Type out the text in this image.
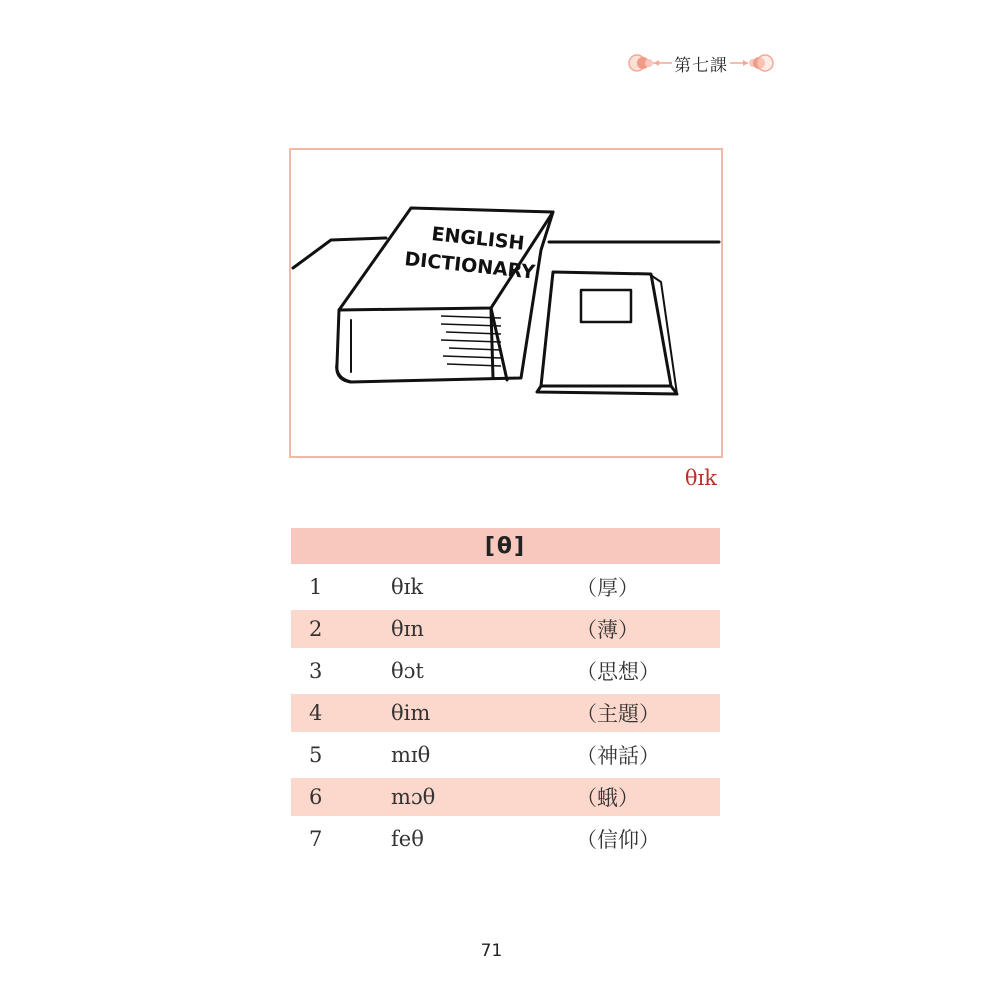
第七課
ENGLISH
DICTIONARY
θɪk
[θ]
1	θɪk	（厚）
2	θɪn	（薄）
3	θɔt	（思想）
4	θim	（主題）
5	mɪθ	（神話）
6	mɔθ	（蛾）
7	feθ	（信仰）
71
